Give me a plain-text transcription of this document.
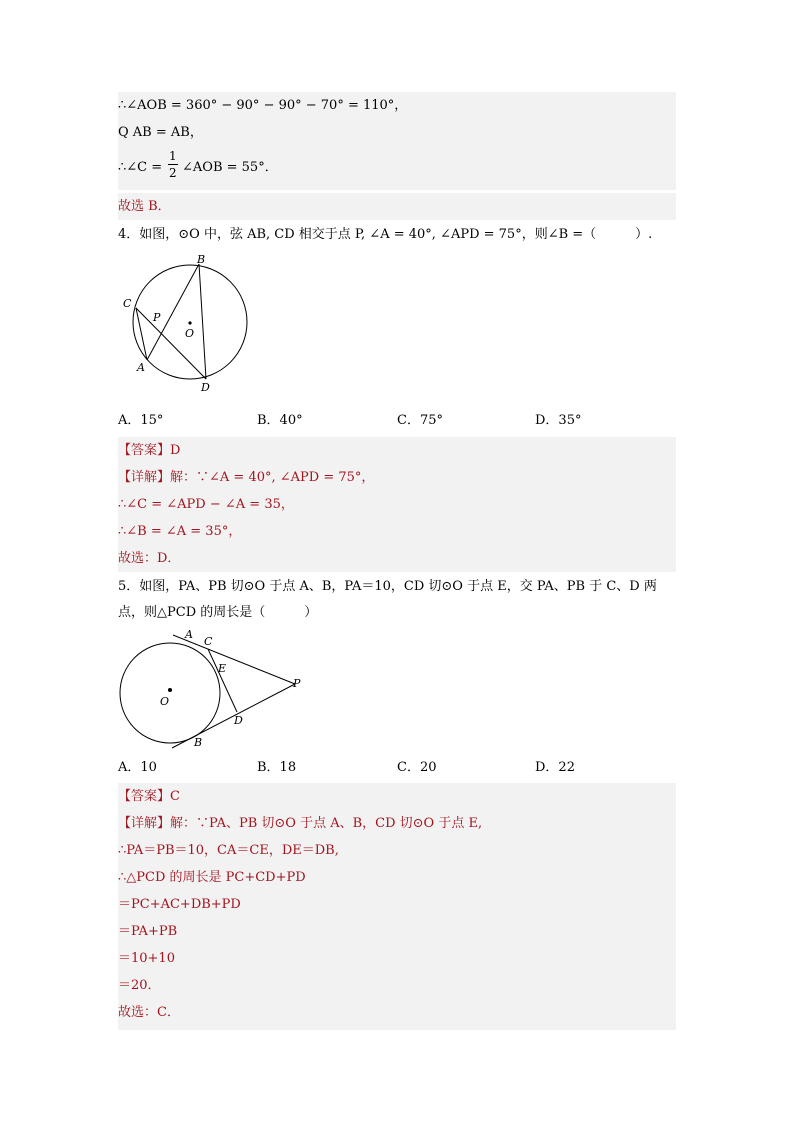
∴∠AOB = 360° − 90° − 90° − 70° = 110°，
Q AB = AB，
∴∠C =
1
2 ∠AOB = 55°．
故选 B．
4．如图，⊙O 中，弦 AB, CD 相交于点 P, ∠A = 40°, ∠APD = 75°，则∠B =（　　　）.
B
C
P
O
A
D
A．15°	B．40°	C．75°	D．35°
【答案】D
【详解】解：∵∠A = 40°, ∠APD = 75°，
∴∠C = ∠APD − ∠A = 35，
∴∠B = ∠A = 35°，
故选：D．
5．如图，PA、PB 切⊙O 于点 A、B，PA＝10，CD 切⊙O 于点 E，交 PA、PB 于 C、D 两
点，则△PCD 的周长是（　　　）
A
C
E
P
O
D
B
A．10	B．18	C．20	D．22
【答案】C
【详解】解：∵PA、PB 切⊙O 于点 A、B，CD 切⊙O 于点 E,
∴PA＝PB＝10，CA＝CE，DE＝DB,
∴△PCD 的周长是 PC+CD+PD
＝PC+AC+DB+PD
＝PA+PB
＝10+10
＝20．
故选：C．
